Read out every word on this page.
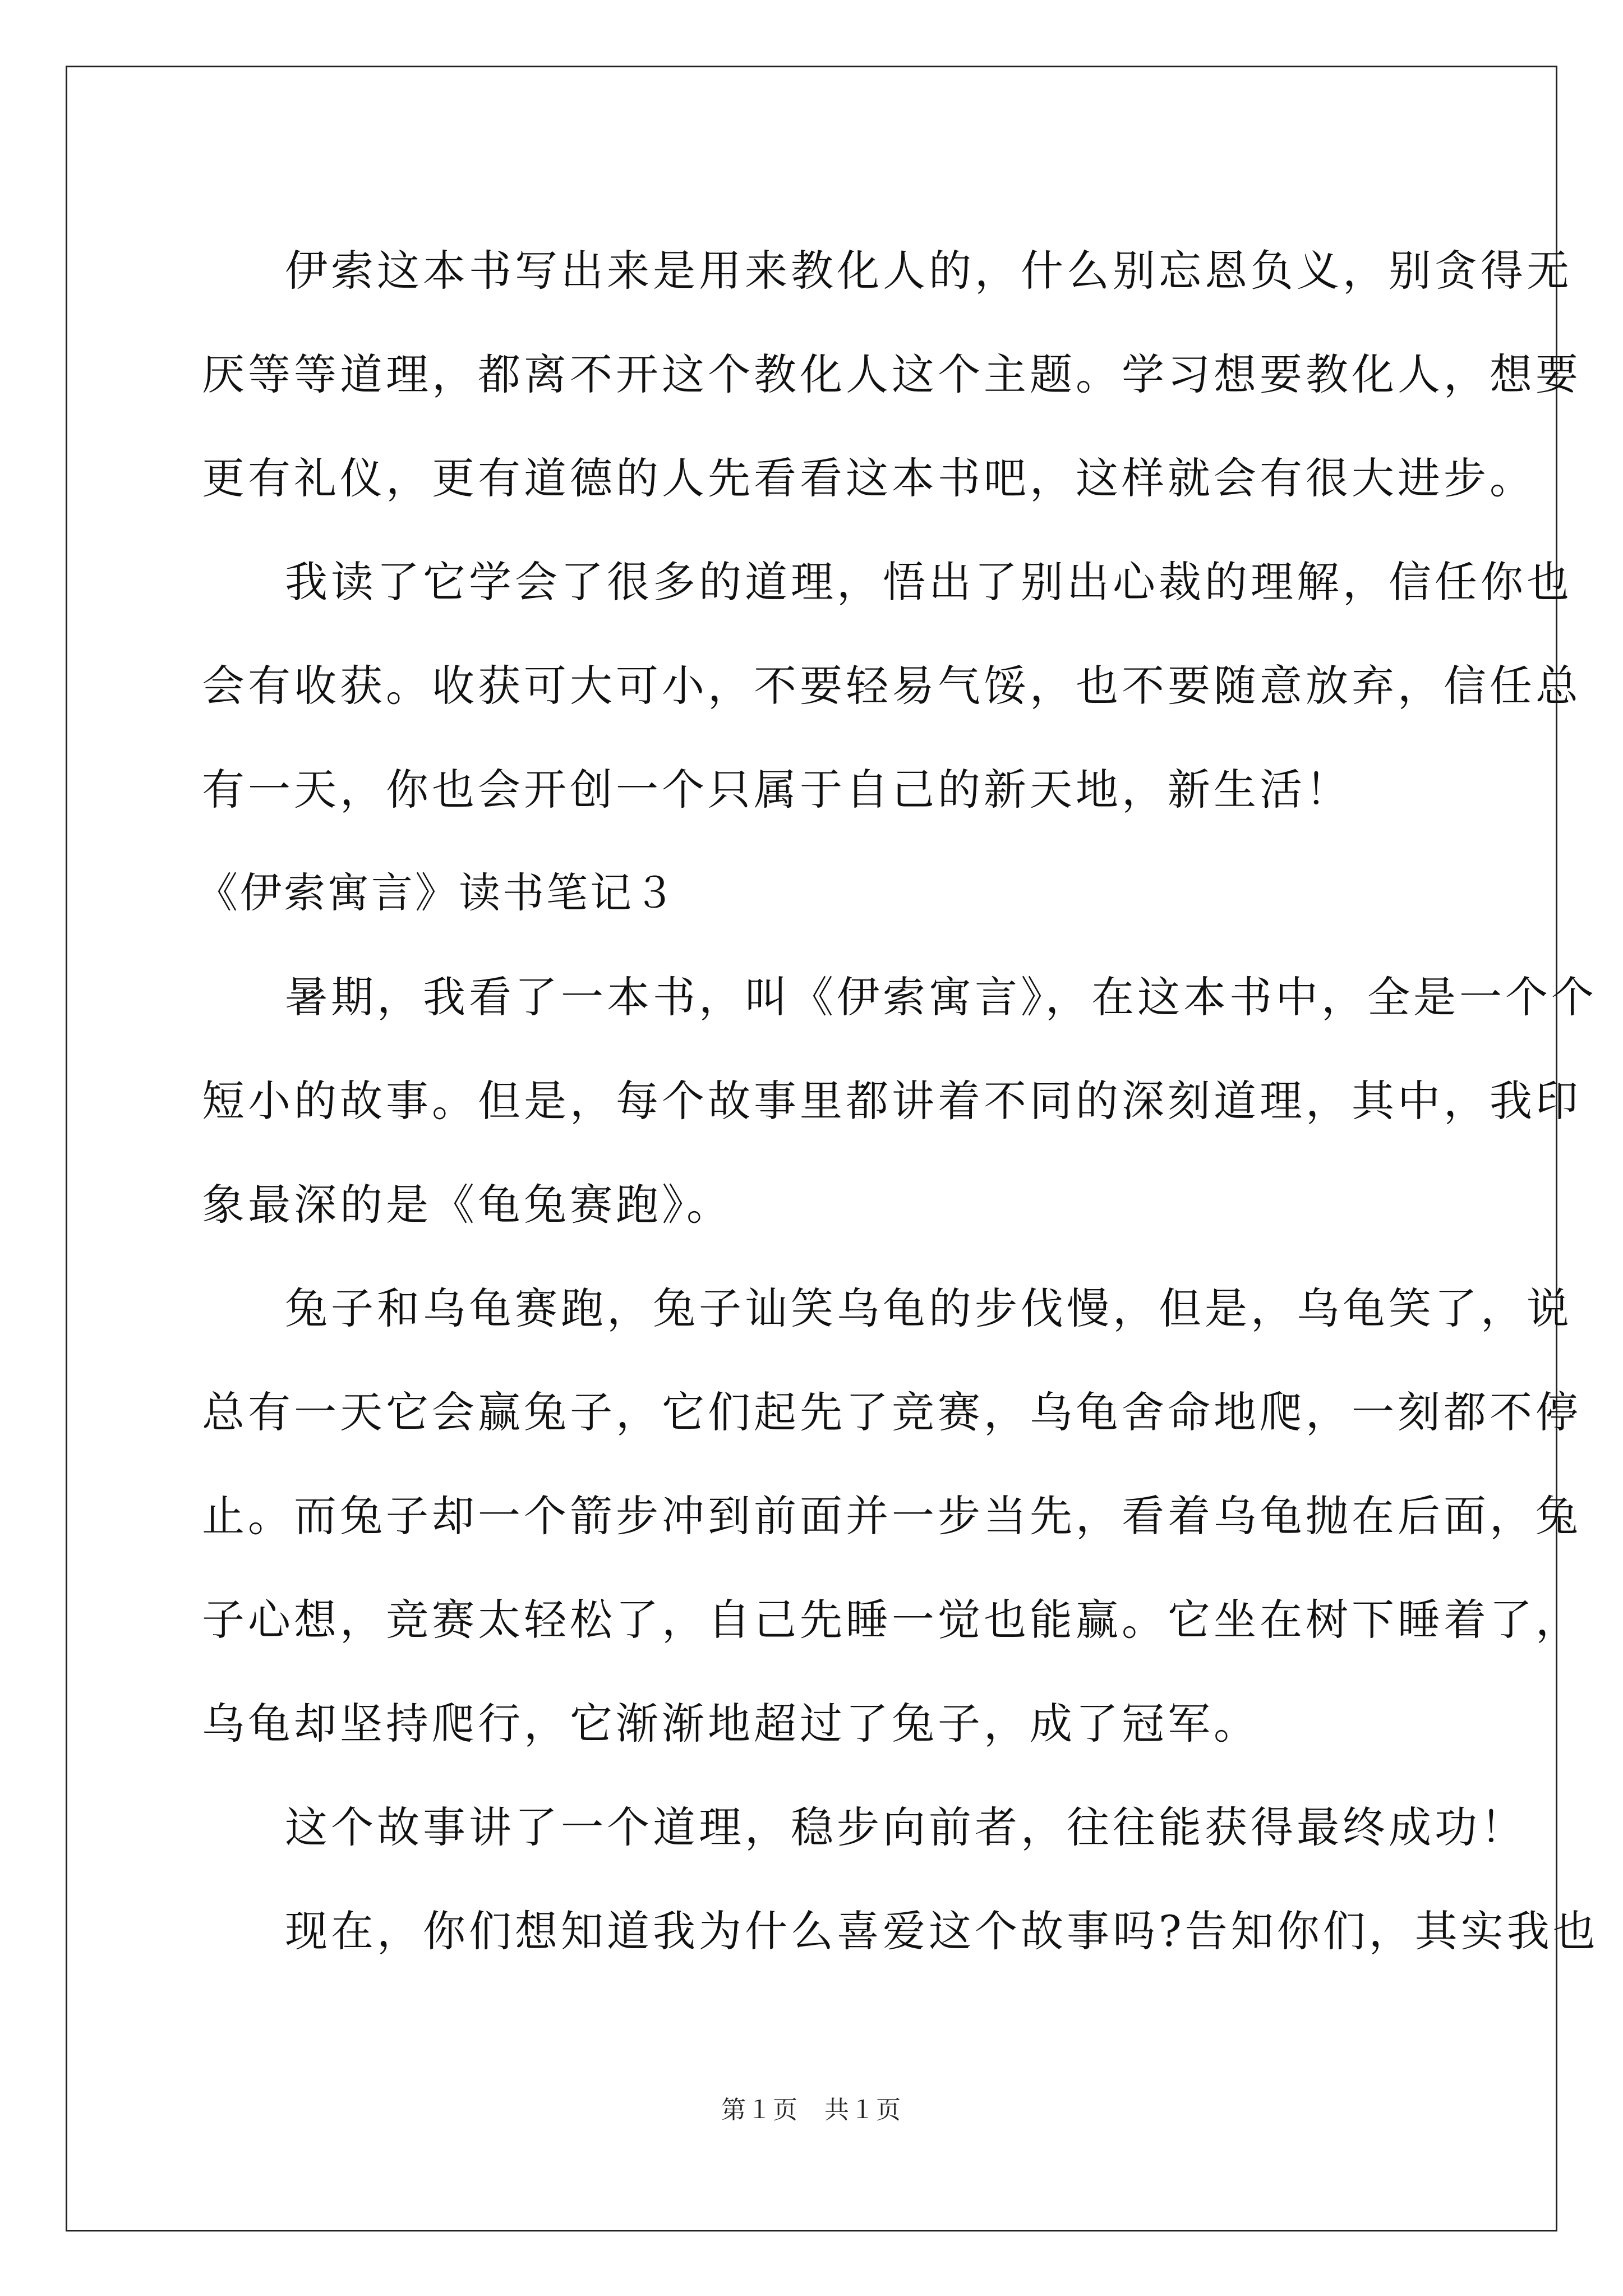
伊索这本书写出来是用来教化人的，什么别忘恩负义，别贪得无
厌等等道理，都离不开这个教化人这个主题。学习想要教化人，想要
更有礼仪，更有道德的人先看看这本书吧，这样就会有很大进步。
我读了它学会了很多的道理，悟出了别出心裁的理解，信任你也
会有收获。收获可大可小，不要轻易气馁，也不要随意放弃，信任总
有一天，你也会开创一个只属于自己的新天地，新生活！
《伊索寓言》读书笔记３
暑期，我看了一本书，叫《伊索寓言》，在这本书中，全是一个个
短小的故事。但是，每个故事里都讲着不同的深刻道理，其中，我印
象最深的是《龟兔赛跑》。
兔子和乌龟赛跑，兔子讪笑乌龟的步伐慢，但是，乌龟笑了，说
总有一天它会赢兔子，它们起先了竞赛，乌龟舍命地爬，一刻都不停
止。而兔子却一个箭步冲到前面并一步当先，看着乌龟抛在后面，兔
子心想，竞赛太轻松了，自己先睡一觉也能赢。它坐在树下睡着了，
乌龟却坚持爬行，它渐渐地超过了兔子，成了冠军。
这个故事讲了一个道理，稳步向前者，往往能获得最终成功！
现在，你们想知道我为什么喜爱这个故事吗?告知你们，其实我也
第１页　共１页
